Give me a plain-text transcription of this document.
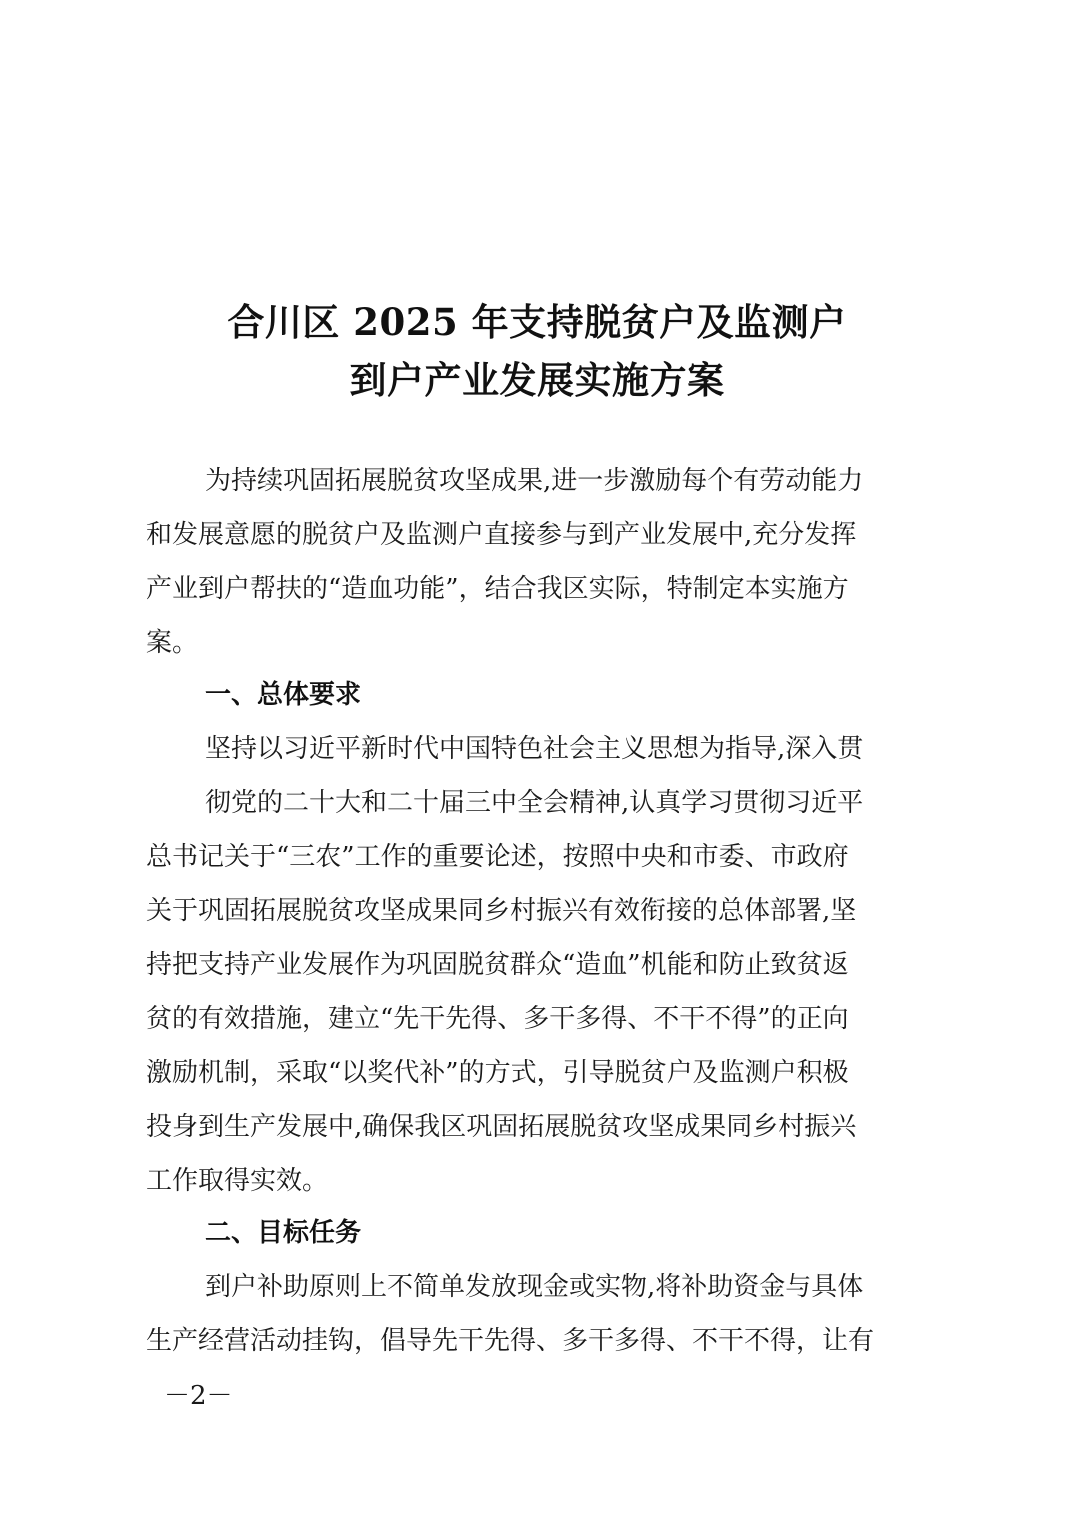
合川区 2025 年支持脱贫户及监测户
到户产业发展实施方案
为持续巩固拓展脱贫攻坚成果,进一步激励每个有劳动能力
和发展意愿的脱贫户及监测户直接参与到产业发展中,充分发挥
产业到户帮扶的“造血功能”，结合我区实际，特制定本实施方
案。
一、总体要求
坚持以习近平新时代中国特色社会主义思想为指导,深入贯
彻党的二十大和二十届三中全会精神,认真学习贯彻习近平
总书记关于“三农”工作的重要论述，按照中央和市委、市政府
关于巩固拓展脱贫攻坚成果同乡村振兴有效衔接的总体部署,坚
持把支持产业发展作为巩固脱贫群众“造血”机能和防止致贫返
贫的有效措施，建立“先干先得、多干多得、不干不得”的正向
激励机制，采取“以奖代补”的方式，引导脱贫户及监测户积极
投身到生产发展中,确保我区巩固拓展脱贫攻坚成果同乡村振兴
工作取得实效。
二、目标任务
到户补助原则上不简单发放现金或实物,将补助资金与具体
生产经营活动挂钩，倡导先干先得、多干多得、不干不得，让有
－2－
